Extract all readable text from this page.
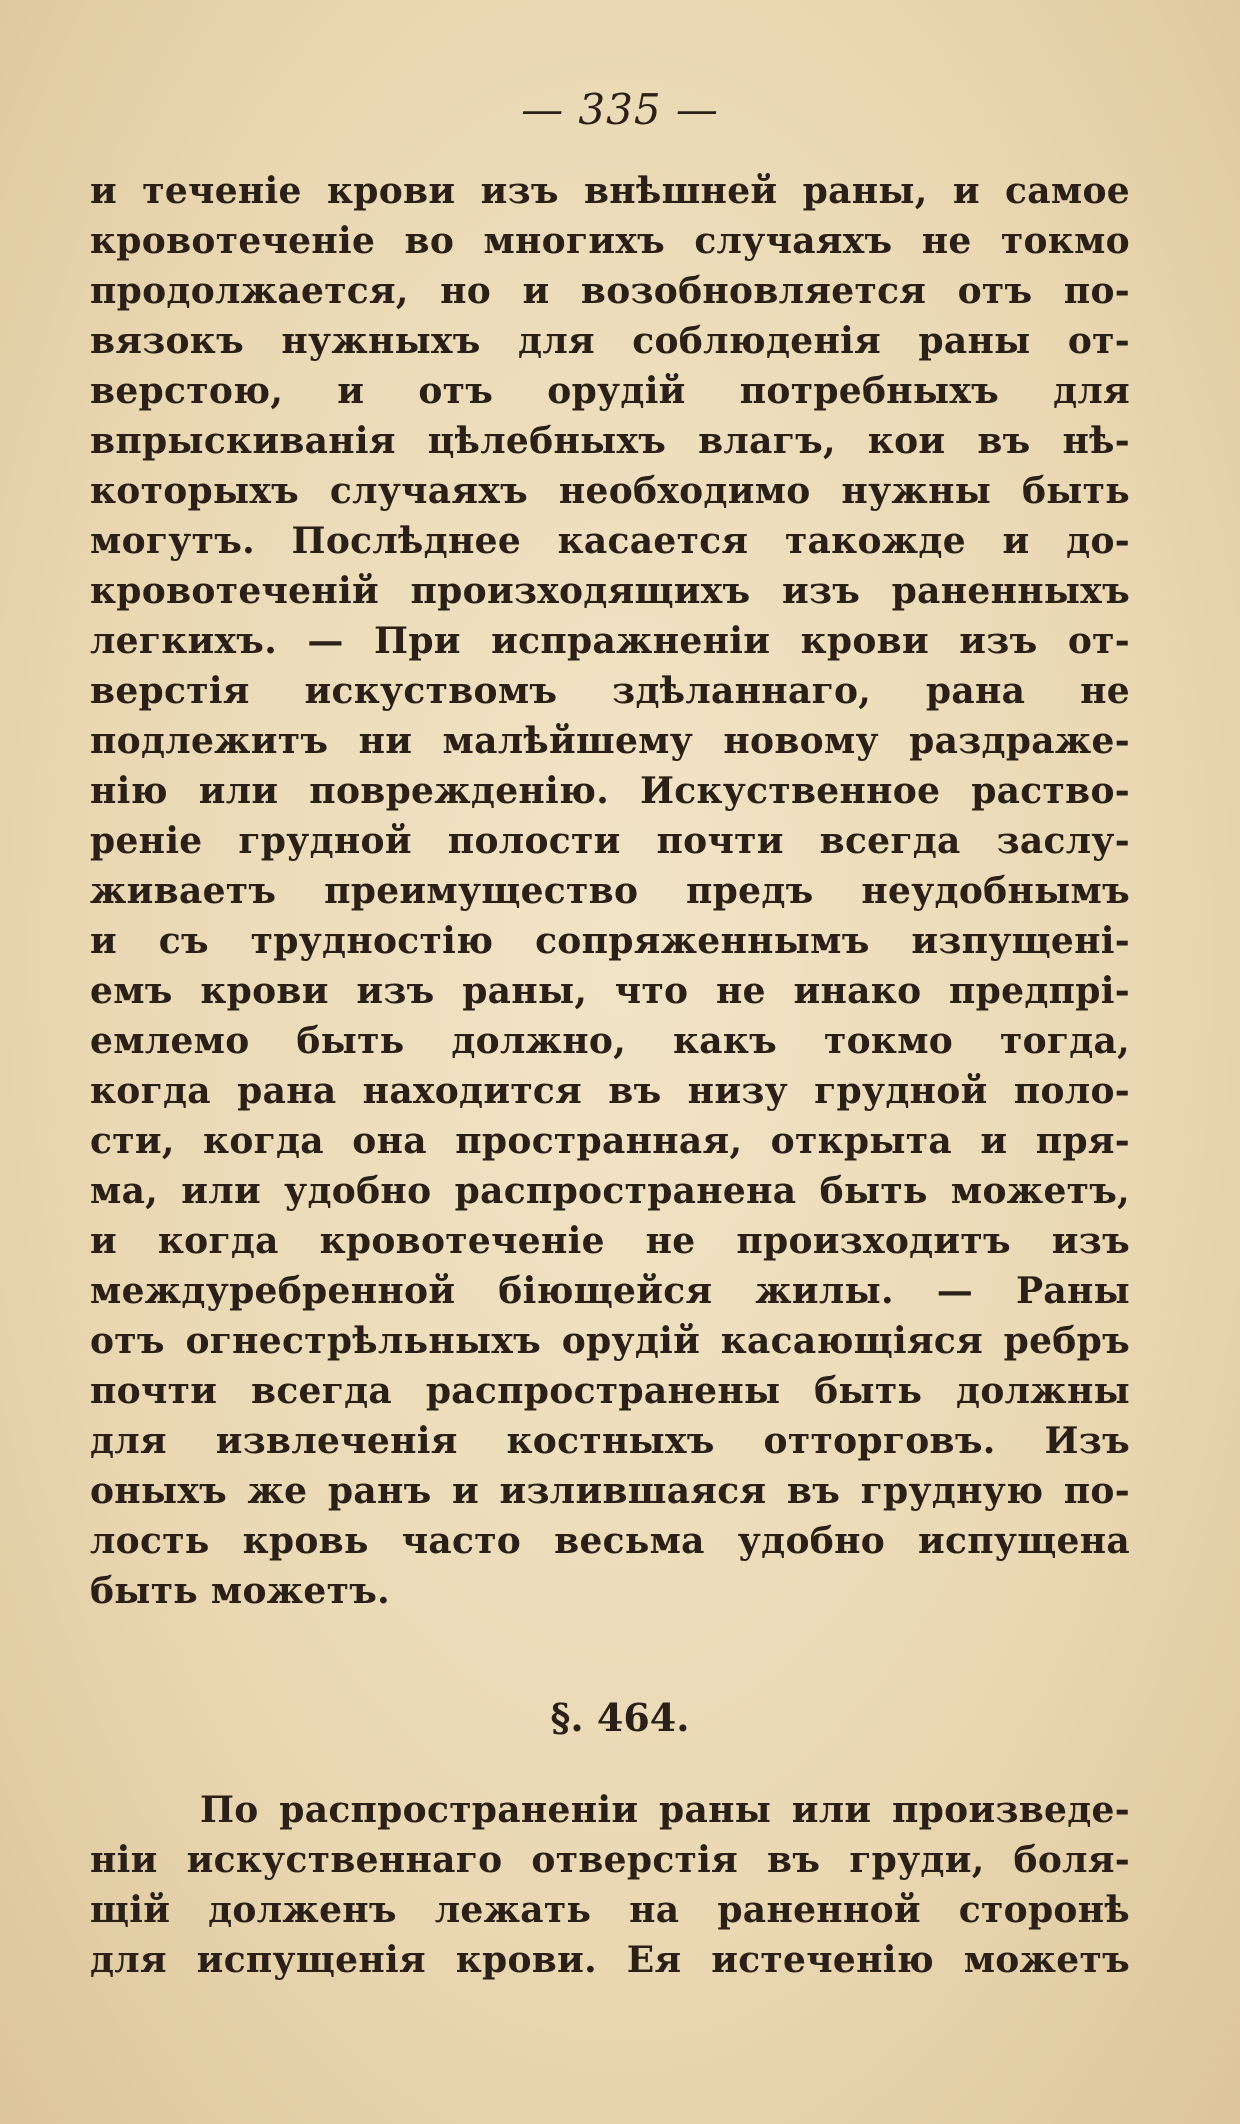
— 335 —
и теченіе крови изъ внѣшней раны, и самое
кровотеченіе во многихъ случаяхъ не токмо
продолжается, но и возобновляется отъ по-
вязокъ нужныхъ для соблюденія раны от-
верстою, и отъ орудій потребныхъ для
впрыскиванія цѣлебныхъ влагъ, кои въ нѣ-
которыхъ случаяхъ необходимо нужны быть
могутъ. Послѣднее касается такожде и до-
кровотеченій произходящихъ изъ раненныхъ
легкихъ. — При испражненіи крови изъ от-
верстія искуствомъ здѣланнаго, рана не
подлежитъ ни малѣйшему новому раздраже-
нію или поврежденію. Искуственное раство-
реніе грудной полости почти всегда заслу-
живаетъ преимущество предъ неудобнымъ
и съ трудностію сопряженнымъ изпущені-
емъ крови изъ раны, что не инако предпрі-
емлемо быть должно, какъ токмо тогда,
когда рана находится въ низу грудной поло-
сти, когда она пространная, открыта и пря-
ма, или удобно распространена быть можетъ,
и когда кровотеченіе не произходитъ изъ
междуребренной біющейся жилы. — Раны
отъ огнестрѣльныхъ орудій касающіяся ребръ
почти всегда распространены быть должны
для извлеченія костныхъ отторговъ. Изъ
оныхъ же ранъ и излившаяся въ грудную по-
лость кровь часто весьма удобно испущена
быть можетъ.
§. 464.
По распространеніи раны или произведе-
ніи искуственнаго отверстія въ груди, боля-
щій долженъ лежать на раненной сторонѣ
для испущенія крови. Ея истеченію можетъ
